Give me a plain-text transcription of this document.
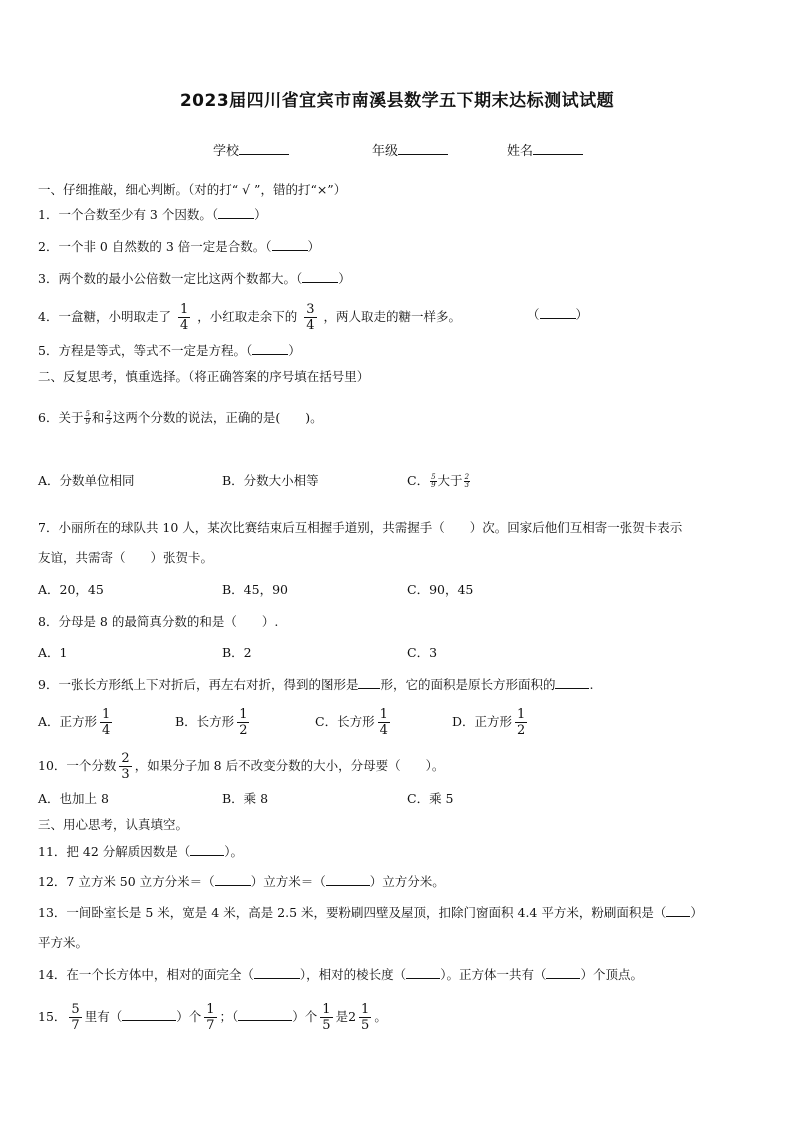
2023届四川省宜宾市南溪县数学五下期末达标测试试题
学校	年级	姓名
一、仔细推敲，细心判断。（对的打“ √ ”，错的打“×”）
1．一个合数至少有 3 个因数。（	）
2．一个非 0 自然数的 3 倍一定是合数。（	）
3．两个数的最小公倍数一定比这两个数都大。（	）
4．一盒糖，小明取走了 $\frac{1}{4}$ ，小红取走余下的 $\frac{3}{4}$ ，两人取走的糖一样多。	（	）
5．方程是等式，等式不一定是方程。（	）
二、反复思考，慎重选择。（将正确答案的序号填在括号里）
6．关于 $\frac{5}{9}$ 和 $\frac{2}{3}$ 这两个分数的说法，正确的是(　　)。
A．分数单位相同	B．分数大小相等	C． $\frac{5}{9}$ 大于 $\frac{2}{3}$
7．小丽所在的球队共 10 人，某次比赛结束后互相握手道别，共需握手（　　）次。回家后他们互相寄一张贺卡表示
友谊，共需寄（　　）张贺卡。
A．20，45	B．45，90	C．90，45
8．分母是 8 的最简真分数的和是（　　）.
A．1	B．2	C．3
9．一张长方形纸上下对折后，再左右对折，得到的图形是 形，它的面积是原长方形面积的	.
A．正方形 $\frac{1}{4}$	B．长方形 $\frac{1}{2}$	C．长方形 $\frac{1}{4}$	D．正方形 $\frac{1}{2}$
10．一个分数 $\frac{2}{3}$ ，如果分子加 8 后不改变分数的大小，分母要（　　）。
A．也加上 8	B．乘 8	C．乘 5
三、用心思考，认真填空。
11．把 42 分解质因数是（	）。
12．7 立方米 50 立方分米＝（	）立方米＝（	）立方分米。
13．一间卧室长是 5 米，宽是 4 米，高是 2.5 米，要粉刷四壁及屋顶，扣除门窗面积 4.4 平方米，粉刷面积是（ ）
平方米。
14．在一个长方体中，相对的面完全（	），相对的棱长度（	）。正方体一共有（	）个顶点。
15． $\frac{5}{7}$ 里有（	）个 $\frac{1}{7}$ ；（	）个 $\frac{1}{5}$ 是$2 \frac{1}{5}$ 。
